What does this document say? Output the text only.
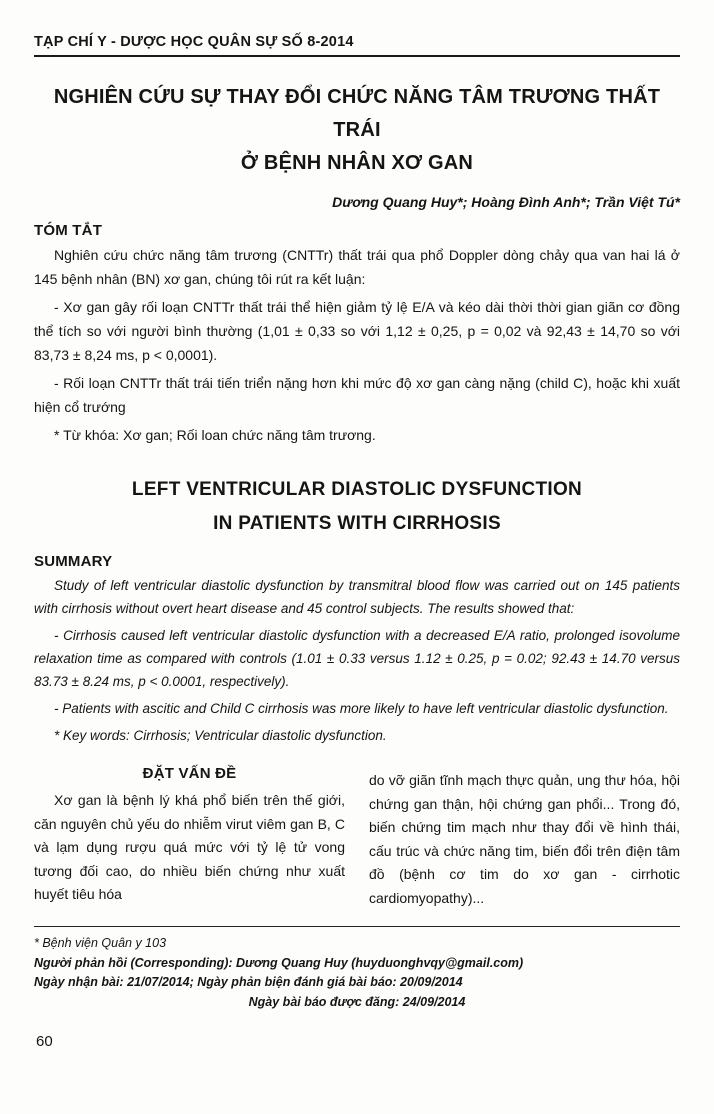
TẠP CHÍ Y - DƯỢC HỌC QUÂN SỰ SỐ 8-2014
NGHIÊN CỨU SỰ THAY ĐỔI CHỨC NĂNG TÂM TRƯƠNG THẤT TRÁI
Ở BỆNH NHÂN XƠ GAN
Dương Quang Huy*; Hoàng Đình Anh*; Trần Việt Tú*
TÓM TẮT

Nghiên cứu chức năng tâm trương (CNTTr) thất trái qua phổ Doppler dòng chảy qua van hai lá ở 145 bệnh nhân (BN) xơ gan, chúng tôi rút ra kết luận:

- Xơ gan gây rối loạn CNTTr thất trái thể hiện giảm tỷ lệ E/A và kéo dài thời thời gian giãn cơ đồng thể tích so với người bình thường (1,01 ± 0,33 so với 1,12 ± 0,25, p = 0,02 và 92,43 ± 14,70 so với 83,73 ± 8,24 ms, p < 0,0001).

- Rối loạn CNTTr thất trái tiến triển nặng hơn khi mức độ xơ gan càng nặng (child C), hoặc khi xuất hiện cổ trướng

* Từ khóa: Xơ gan; Rối loan chức năng tâm trương.

LEFT VENTRICULAR DIASTOLIC DYSFUNCTION
IN PATIENTS WITH CIRRHOSIS
SUMMARY

Study of left ventricular diastolic dysfunction by transmitral blood flow was carried out on 145 patients with cirrhosis without overt heart disease and 45 control subjects. The results showed that:

- Cirrhosis caused left ventricular diastolic dysfunction with a decreased E/A ratio, prolonged isovolume relaxation time as compared with controls (1.01 ± 0.33 versus 1.12 ± 0.25, p = 0.02; 92.43 ± 14.70 versus 83.73 ± 8.24 ms, p < 0.0001, respectively).

- Patients with ascitic and Child C cirrhosis was more likely to have left ventricular diastolic dysfunction.

* Key words: Cirrhosis; Ventricular diastolic dysfunction.

ĐẶT VẤN ĐỀ

Xơ gan là bệnh lý khá phổ biến trên thế giới, căn nguyên chủ yếu do nhiễm virut viêm gan B, C và lạm dụng rượu quá mức với tỷ lệ tử vong tương đối cao, do nhiều biến chứng như xuất huyết tiêu hóa

do vỡ giãn tĩnh mạch thực quản, ung thư hóa, hội chứng gan thận, hội chứng gan phổi... Trong đó, biến chứng tim mạch như thay đổi về hình thái, cấu trúc và chức năng tim, biến đổi trên điện tâm đồ (bệnh cơ tim do xơ gan - cirrhotic cardiomyopathy)...

* Bệnh viện Quân y 103
Người phản hồi (Corresponding): Dương Quang Huy (huyduonghvqy@gmail.com)
Ngày nhận bài: 21/07/2014; Ngày phản biện đánh giá bài báo: 20/09/2014
Ngày bài báo được đăng: 24/09/2014
60
